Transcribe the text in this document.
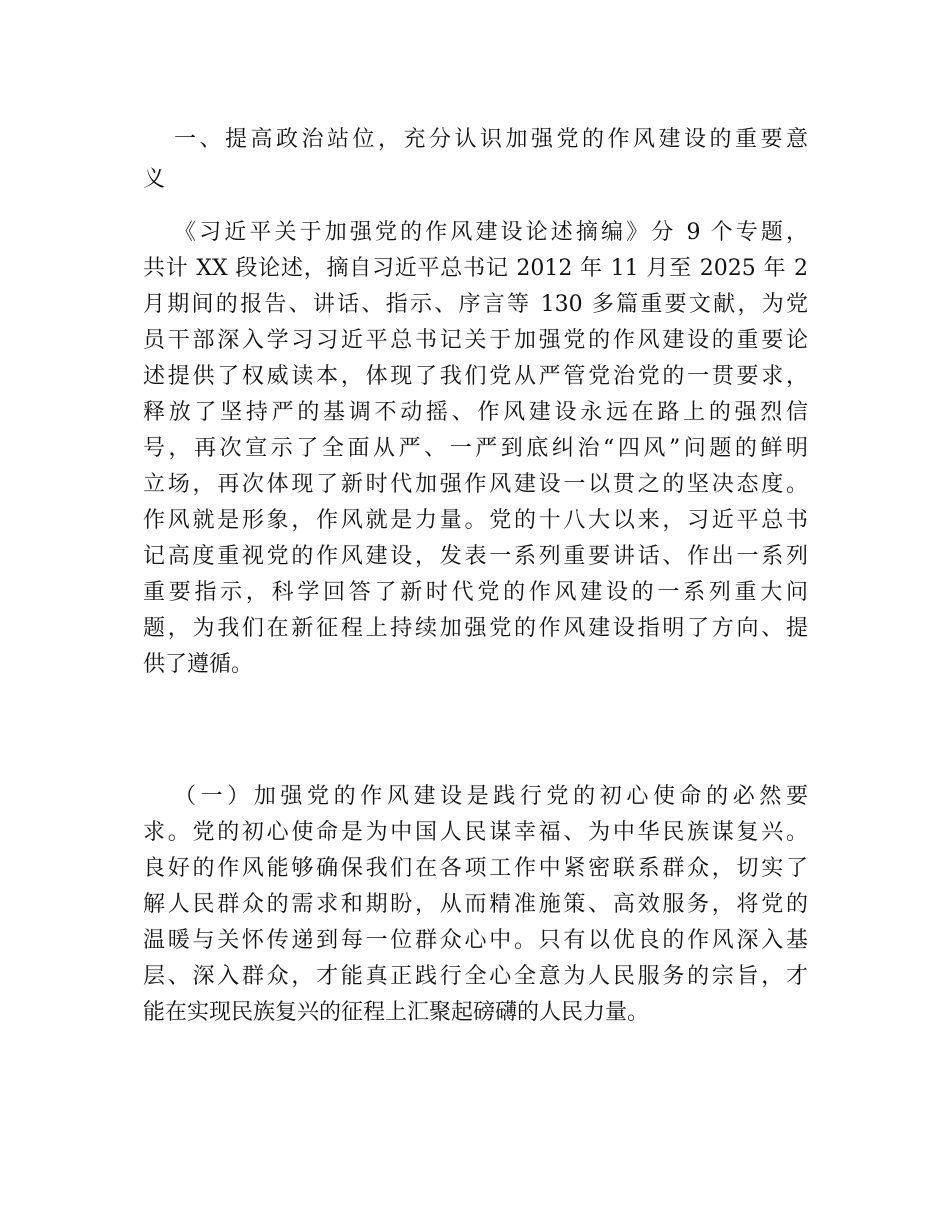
一、提高政治站位，充分认识加强党的作风建设的重要意
义
《习近平关于加强党的作风建设论述摘编》分 9 个专题，
共计 XX 段论述，摘自习近平总书记 2012 年 11 月至 2025 年 2
月期间的报告、讲话、指示、序言等 130 多篇重要文献，为党
员干部深入学习习近平总书记关于加强党的作风建设的重要论
述提供了权威读本，体现了我们党从严管党治党的一贯要求，
释放了坚持严的基调不动摇、作风建设永远在路上的强烈信
号，再次宣示了全面从严、一严到底纠治“四风”问题的鲜明
立场，再次体现了新时代加强作风建设一以贯之的坚决态度。
作风就是形象，作风就是力量。党的十八大以来，习近平总书
记高度重视党的作风建设，发表一系列重要讲话、作出一系列
重要指示，科学回答了新时代党的作风建设的一系列重大问
题，为我们在新征程上持续加强党的作风建设指明了方向、提
供了遵循。
（一）加强党的作风建设是践行党的初心使命的必然要
求。党的初心使命是为中国人民谋幸福、为中华民族谋复兴。
良好的作风能够确保我们在各项工作中紧密联系群众，切实了
解人民群众的需求和期盼，从而精准施策、高效服务，将党的
温暖与关怀传递到每一位群众心中。只有以优良的作风深入基
层、深入群众，才能真正践行全心全意为人民服务的宗旨，才
能在实现民族复兴的征程上汇聚起磅礴的人民力量。
